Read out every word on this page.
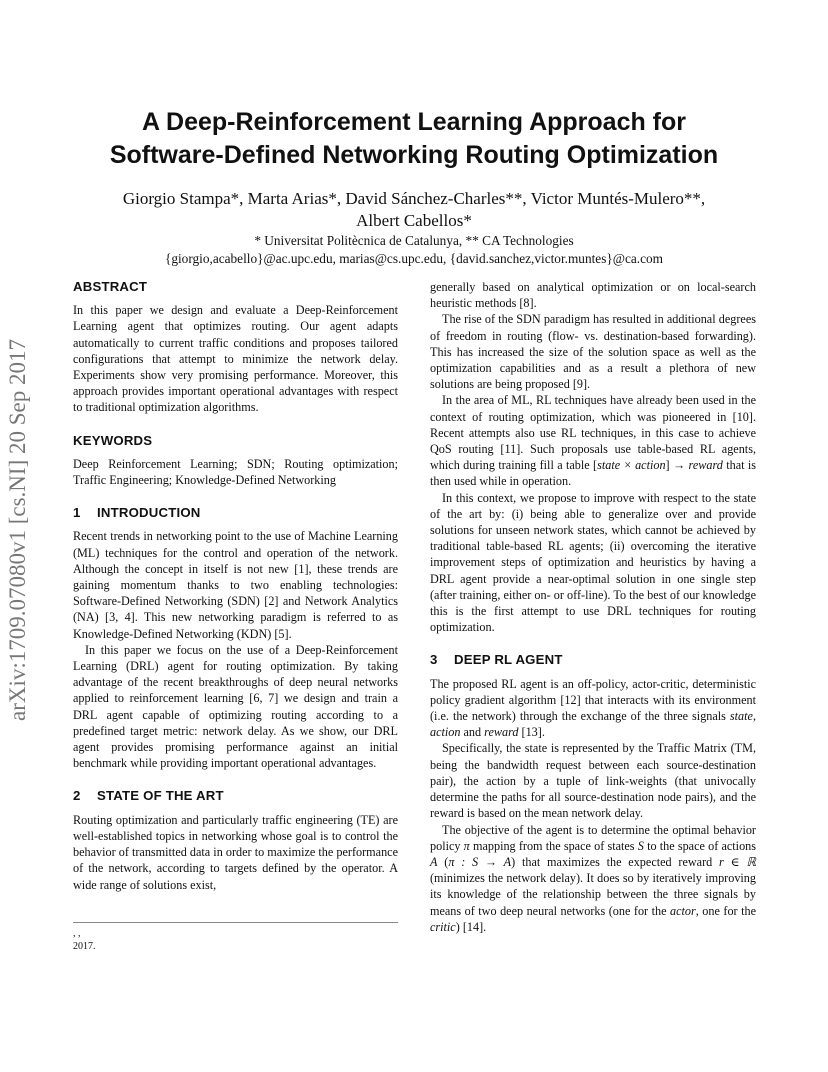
arXiv:1709.07080v1 [cs.NI] 20 Sep 2017
A Deep-Reinforcement Learning Approach for
Software-Defined Networking Routing Optimization
Giorgio Stampa*, Marta Arias*, David Sánchez-Charles**, Victor Muntés-Mulero**,
Albert Cabellos*
* Universitat Politècnica de Catalunya, ** CA Technologies
{giorgio,acabello}@ac.upc.edu, marias@cs.upc.edu, {david.sanchez,victor.muntes}@ca.com
ABSTRACT

In this paper we design and evaluate a Deep-Reinforcement Learning agent that optimizes routing. Our agent adapts automatically to current traffic conditions and proposes tailored configurations that attempt to minimize the network delay. Experiments show very promising performance. Moreover, this approach provides important operational advantages with respect to traditional optimization algorithms.

KEYWORDS

Deep Reinforcement Learning; SDN; Routing optimization; Traffic Engineering; Knowledge-Defined Networking

1 INTRODUCTION

Recent trends in networking point to the use of Machine Learning (ML) techniques for the control and operation of the network. Although the concept in itself is not new [1], these trends are gaining momentum thanks to two enabling technologies: Software-Defined Networking (SDN) [2] and Network Analytics (NA) [3, 4]. This new networking paradigm is referred to as Knowledge-Defined Networking (KDN) [5].

In this paper we focus on the use of a Deep-Reinforcement Learning (DRL) agent for routing optimization. By taking advantage of the recent breakthroughs of deep neural networks applied to reinforcement learning [6, 7] we design and train a DRL agent capable of optimizing routing according to a predefined target metric: network delay. As we show, our DRL agent provides promising performance against an initial benchmark while providing important operational advantages.

2 STATE OF THE ART

Routing optimization and particularly traffic engineering (TE) are well-established topics in networking whose goal is to control the behavior of transmitted data in order to maximize the performance of the network, according to targets defined by the operator. A wide range of solutions exist,

, ,
2017.

generally based on analytical optimization or on local-search heuristic methods [8].

The rise of the SDN paradigm has resulted in additional degrees of freedom in routing (flow- vs. destination-based forwarding). This has increased the size of the solution space as well as the optimization capabilities and as a result a plethora of new solutions are being proposed [9].

In the area of ML, RL techniques have already been used in the context of routing optimization, which was pioneered in [10]. Recent attempts also use RL techniques, in this case to achieve QoS routing [11]. Such proposals use table-based RL agents, which during training fill a table [state × action] → reward that is then used while in operation.

In this context, we propose to improve with respect to the state of the art by: (i) being able to generalize over and provide solutions for unseen network states, which cannot be achieved by traditional table-based RL agents; (ii) overcoming the iterative improvement steps of optimization and heuristics by having a DRL agent provide a near-optimal solution in one single step (after training, either on- or off-line). To the best of our knowledge this is the first attempt to use DRL techniques for routing optimization.

3 DEEP RL AGENT

The proposed RL agent is an off-policy, actor-critic, deterministic policy gradient algorithm [12] that interacts with its environment (i.e. the network) through the exchange of the three signals state, action and reward [13].

Specifically, the state is represented by the Traffic Matrix (TM, being the bandwidth request between each source-destination pair), the action by a tuple of link-weights (that univocally determine the paths for all source-destination node pairs), and the reward is based on the mean network delay.

The objective of the agent is to determine the optimal behavior policy π mapping from the space of states S to the space of actions A (π : S → A) that maximizes the expected reward r ∈ ℝ (minimizes the network delay). It does so by iteratively improving its knowledge of the relationship between the three signals by means of two deep neural networks (one for the actor, one for the critic) [14].
